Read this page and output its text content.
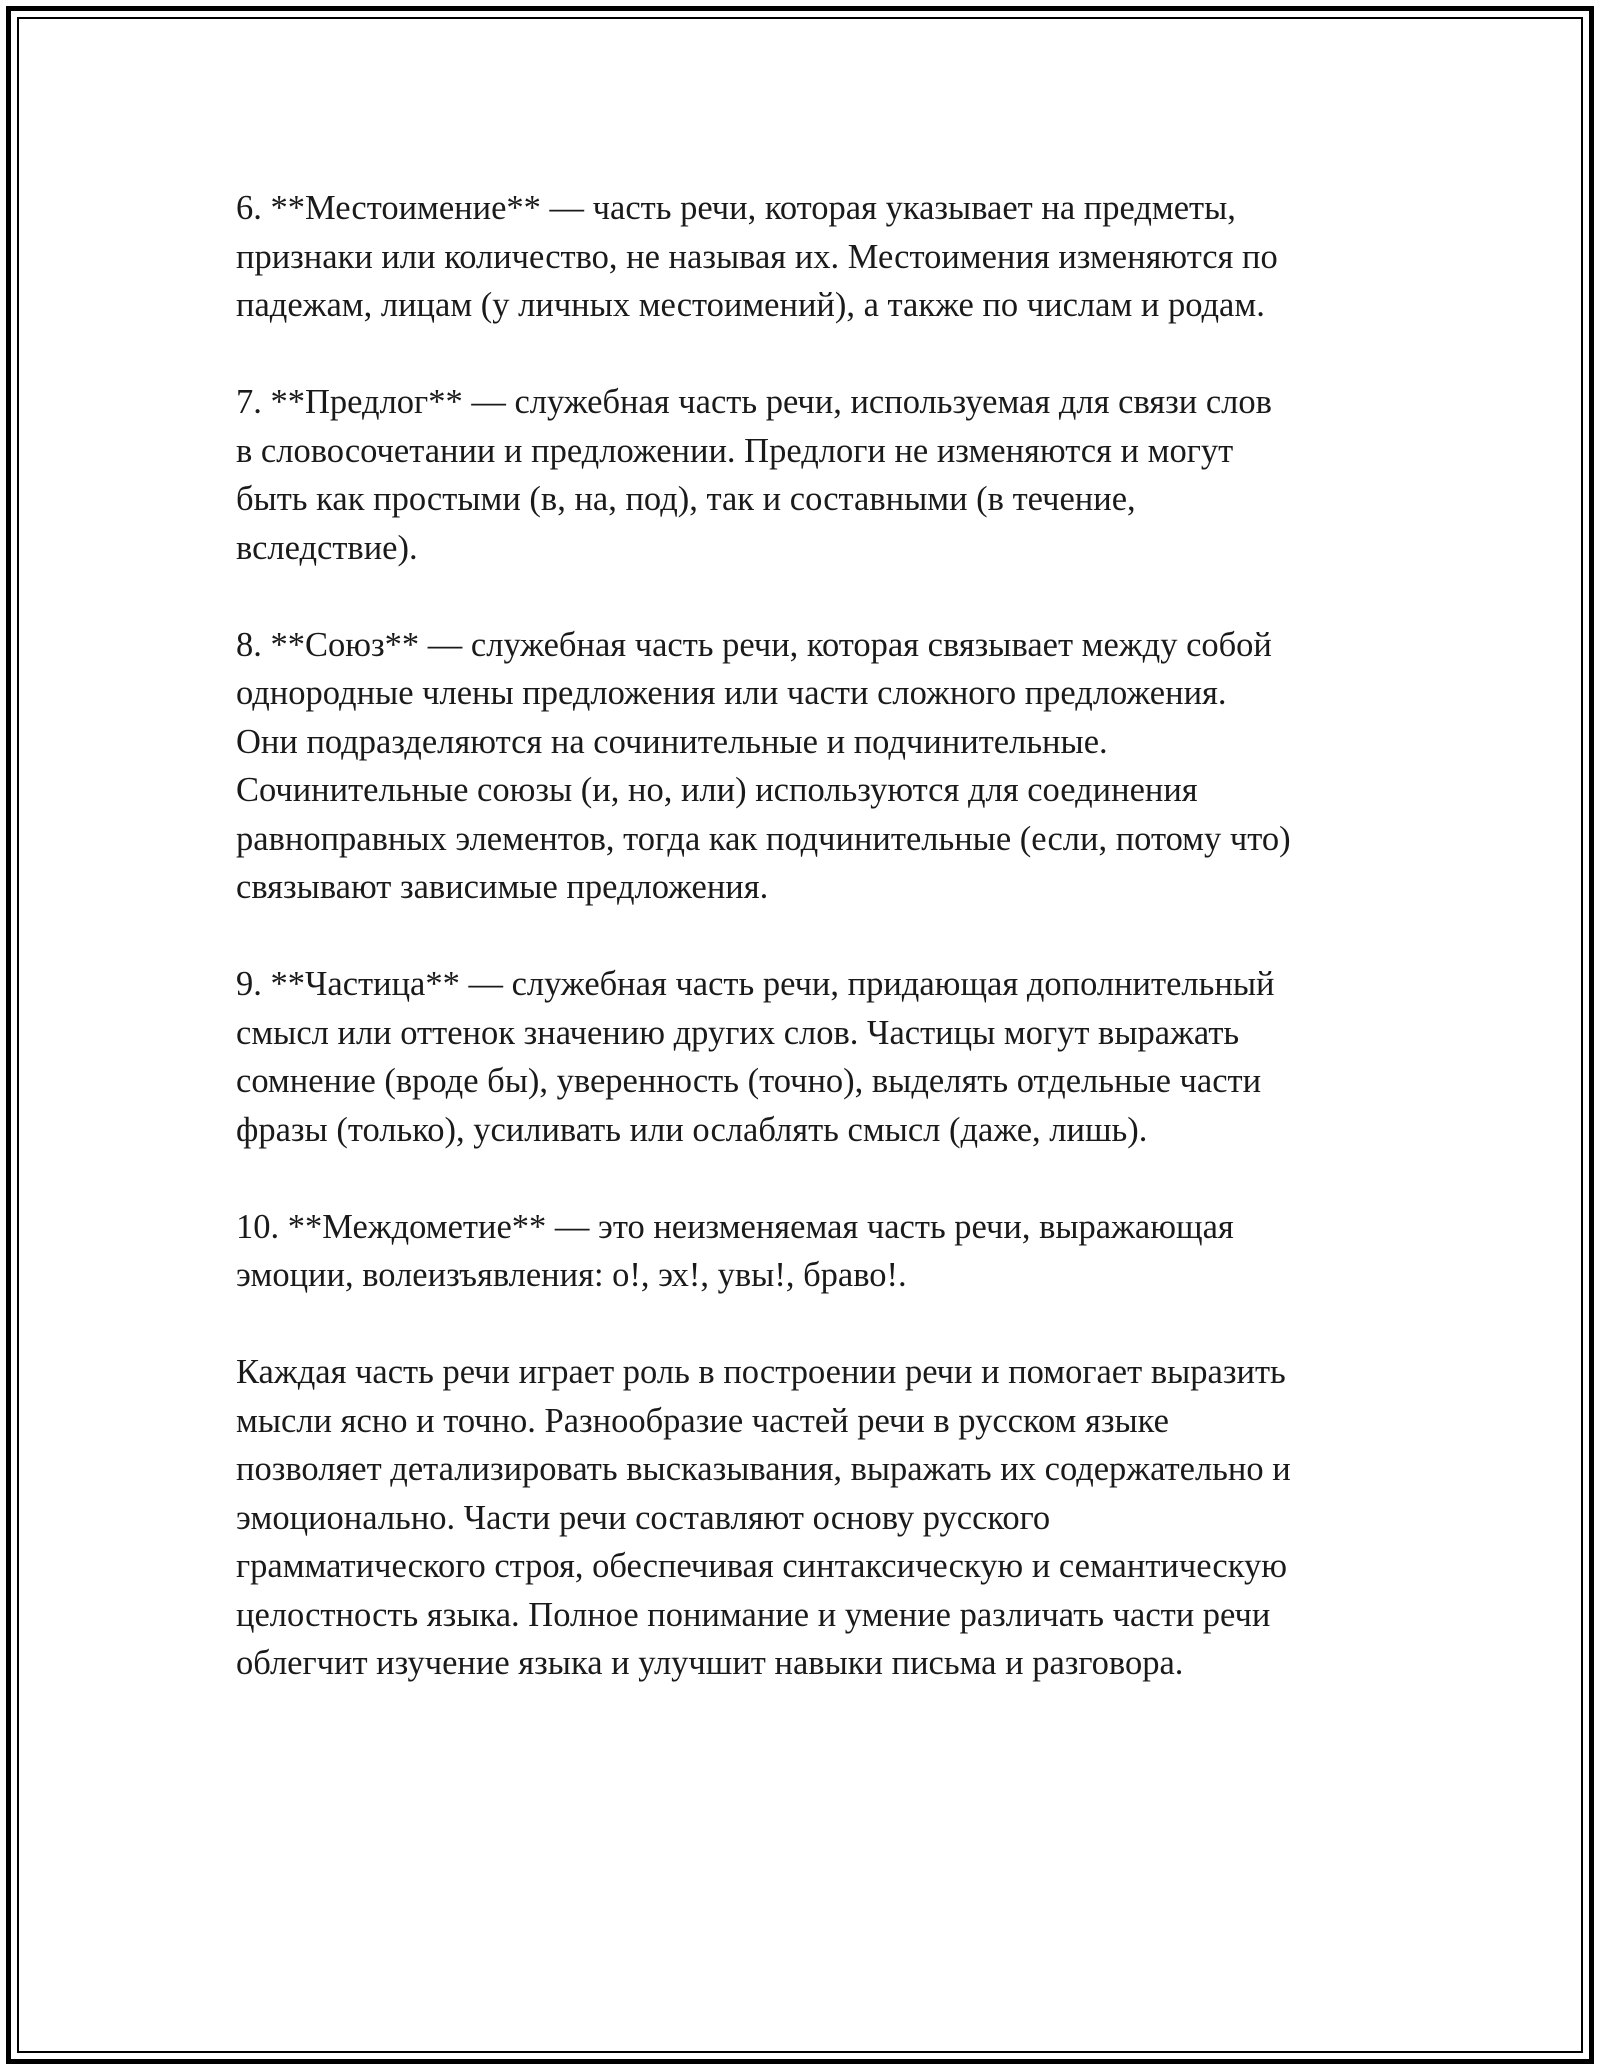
6. **Местоимение** — часть речи, которая указывает на предметы,
признаки или количество, не называя их. Местоимения изменяются по
падежам, лицам (у личных местоимений), а также по числам и родам.

7. **Предлог** — служебная часть речи, используемая для связи слов
в словосочетании и предложении. Предлоги не изменяются и могут
быть как простыми (в, на, под), так и составными (в течение,
вследствие).

8. **Союз** — служебная часть речи, которая связывает между собой
однородные члены предложения или части сложного предложения.
Они подразделяются на сочинительные и подчинительные.
Сочинительные союзы (и, но, или) используются для соединения
равноправных элементов, тогда как подчинительные (если, потому что)
связывают зависимые предложения.

9. **Частица** — служебная часть речи, придающая дополнительный
смысл или оттенок значению других слов. Частицы могут выражать
сомнение (вроде бы), уверенность (точно), выделять отдельные части
фразы (только), усиливать или ослаблять смысл (даже, лишь).

10. **Междометие** — это неизменяемая часть речи, выражающая
эмоции, волеизъявления: о!, эх!, увы!, браво!.

Каждая часть речи играет роль в построении речи и помогает выразить
мысли ясно и точно. Разнообразие частей речи в русском языке
позволяет детализировать высказывания, выражать их содержательно и
эмоционально. Части речи составляют основу русского
грамматического строя, обеспечивая синтаксическую и семантическую
целостность языка. Полное понимание и умение различать части речи
облегчит изучение языка и улучшит навыки письма и разговора.
